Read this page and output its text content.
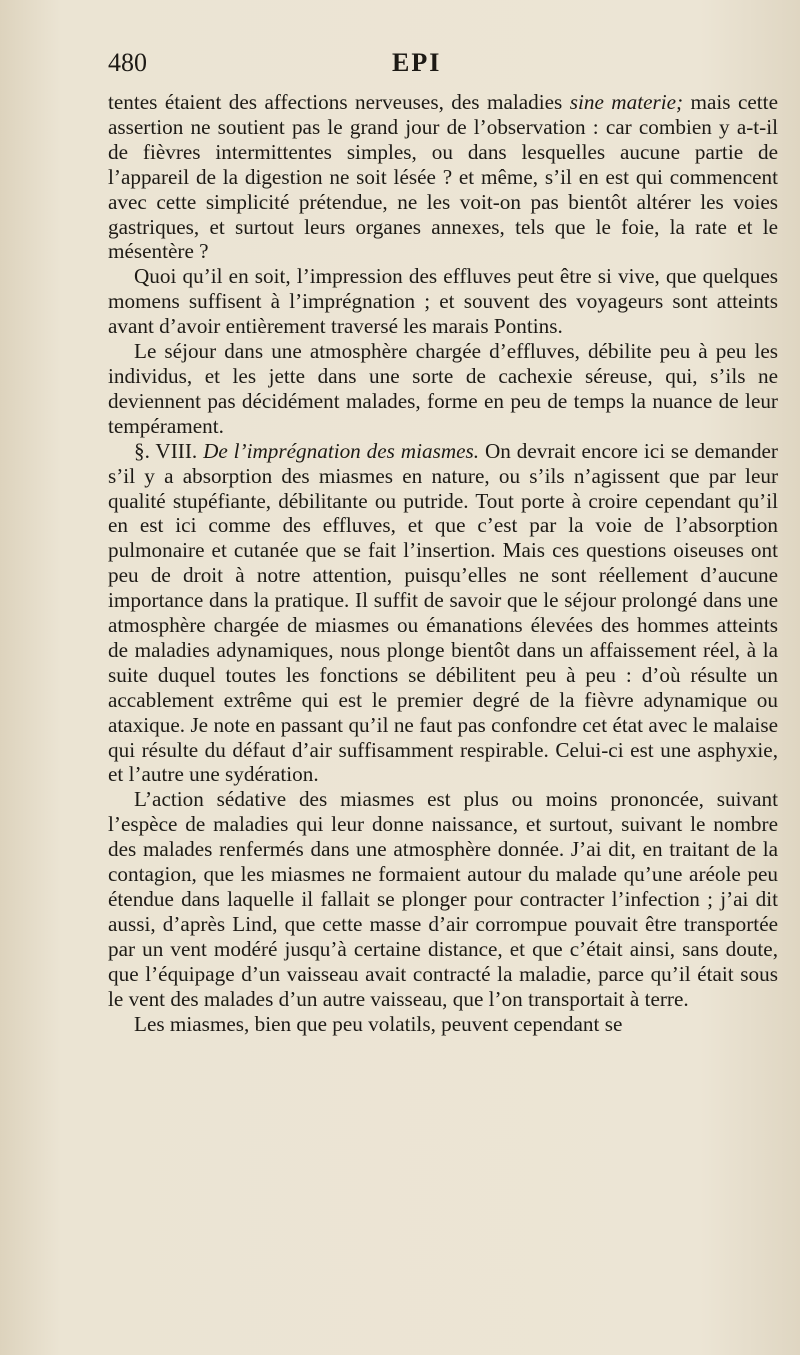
480	EPI

tentes étaient des affections nerveuses, des maladies sine materie; mais cette assertion ne soutient pas le grand jour de l’observation : car combien y a-t-il de fièvres intermittentes simples, ou dans lesquelles aucune partie de l’appareil de la digestion ne soit lésée ? et même, s’il en est qui commencent avec cette simplicité prétendue, ne les voit-on pas bientôt altérer les voies gastriques, et surtout leurs organes annexes, tels que le foie, la rate et le mésentère ?

Quoi qu’il en soit, l’impression des effluves peut être si vive, que quelques momens suffisent à l’imprégnation ; et souvent des voyageurs sont atteints avant d’avoir entièrement traversé les marais Pontins.

Le séjour dans une atmosphère chargée d’effluves, débilite peu à peu les individus, et les jette dans une sorte de cachexie séreuse, qui, s’ils ne deviennent pas décidément malades, forme en peu de temps la nuance de leur tempérament.

§. VIII. De l’imprégnation des miasmes. On devrait encore ici se demander s’il y a absorption des miasmes en nature, ou s’ils n’agissent que par leur qualité stupéfiante, débilitante ou putride. Tout porte à croire cependant qu’il en est ici comme des effluves, et que c’est par la voie de l’absorption pulmonaire et cutanée que se fait l’insertion. Mais ces questions oiseuses ont peu de droit à notre attention, puisqu’elles ne sont réellement d’aucune importance dans la pratique. Il suffit de savoir que le séjour prolongé dans une atmosphère chargée de miasmes ou émanations élevées des hommes atteints de maladies adynamiques, nous plonge bientôt dans un affaissement réel, à la suite duquel toutes les fonctions se débilitent peu à peu : d’où résulte un accablement extrême qui est le premier degré de la fièvre adynamique ou ataxique. Je note en passant qu’il ne faut pas confondre cet état avec le malaise qui résulte du défaut d’air suffisamment respirable. Celui-ci est une asphyxie, et l’autre une sydération.

L’action sédative des miasmes est plus ou moins prononcée, suivant l’espèce de maladies qui leur donne naissance, et surtout, suivant le nombre des malades renfermés dans une atmosphère donnée. J’ai dit, en traitant de la contagion, que les miasmes ne formaient autour du malade qu’une aréole peu étendue dans laquelle il fallait se plonger pour contracter l’infection ; j’ai dit aussi, d’après Lind, que cette masse d’air corrompue pouvait être transportée par un vent modéré jusqu’à certaine distance, et que c’était ainsi, sans doute, que l’équipage d’un vaisseau avait contracté la maladie, parce qu’il était sous le vent des malades d’un autre vaisseau, que l’on transportait à terre.

Les miasmes, bien que peu volatils, peuvent cependant se
